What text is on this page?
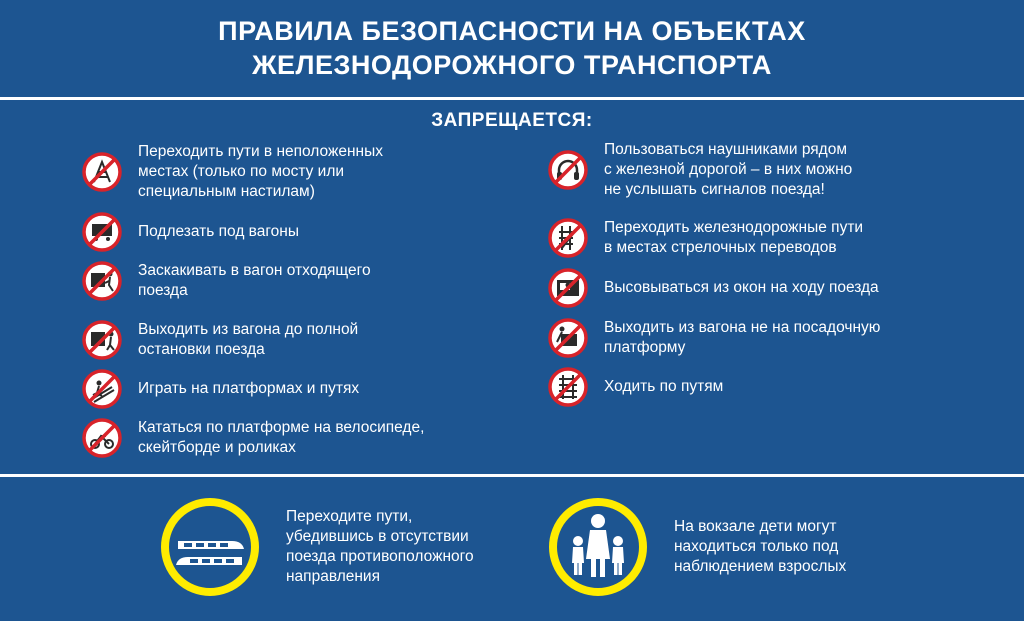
ПРАВИЛА БЕЗОПАСНОСТИ НА ОБЪЕКТАХ
ЖЕЛЕЗНОДОРОЖНОГО ТРАНСПОРТА
ЗАПРЕЩАЕТСЯ:
Переходить пути в неположенных
местах (только по мосту или
специальным настилам)
Подлезать под вагоны
Заскакивать в вагон отходящего
поезда
Выходить из вагона до полной
остановки поезда
Играть на платформах и путях
Кататься по платформе на велосипеде,
скейтборде и роликах
Пользоваться наушниками рядом
с железной дорогой – в них можно
не услышать сигналов поезда!
Переходить железнодорожные пути
в местах стрелочных переводов
Высовываться из окон на ходу поезда
Выходить из вагона не на посадочную
платформу
Ходить по путям
Переходите пути,
убедившись в отсутствии
поезда противоположного
направления
На вокзале дети могут
находиться только под
наблюдением взрослых
